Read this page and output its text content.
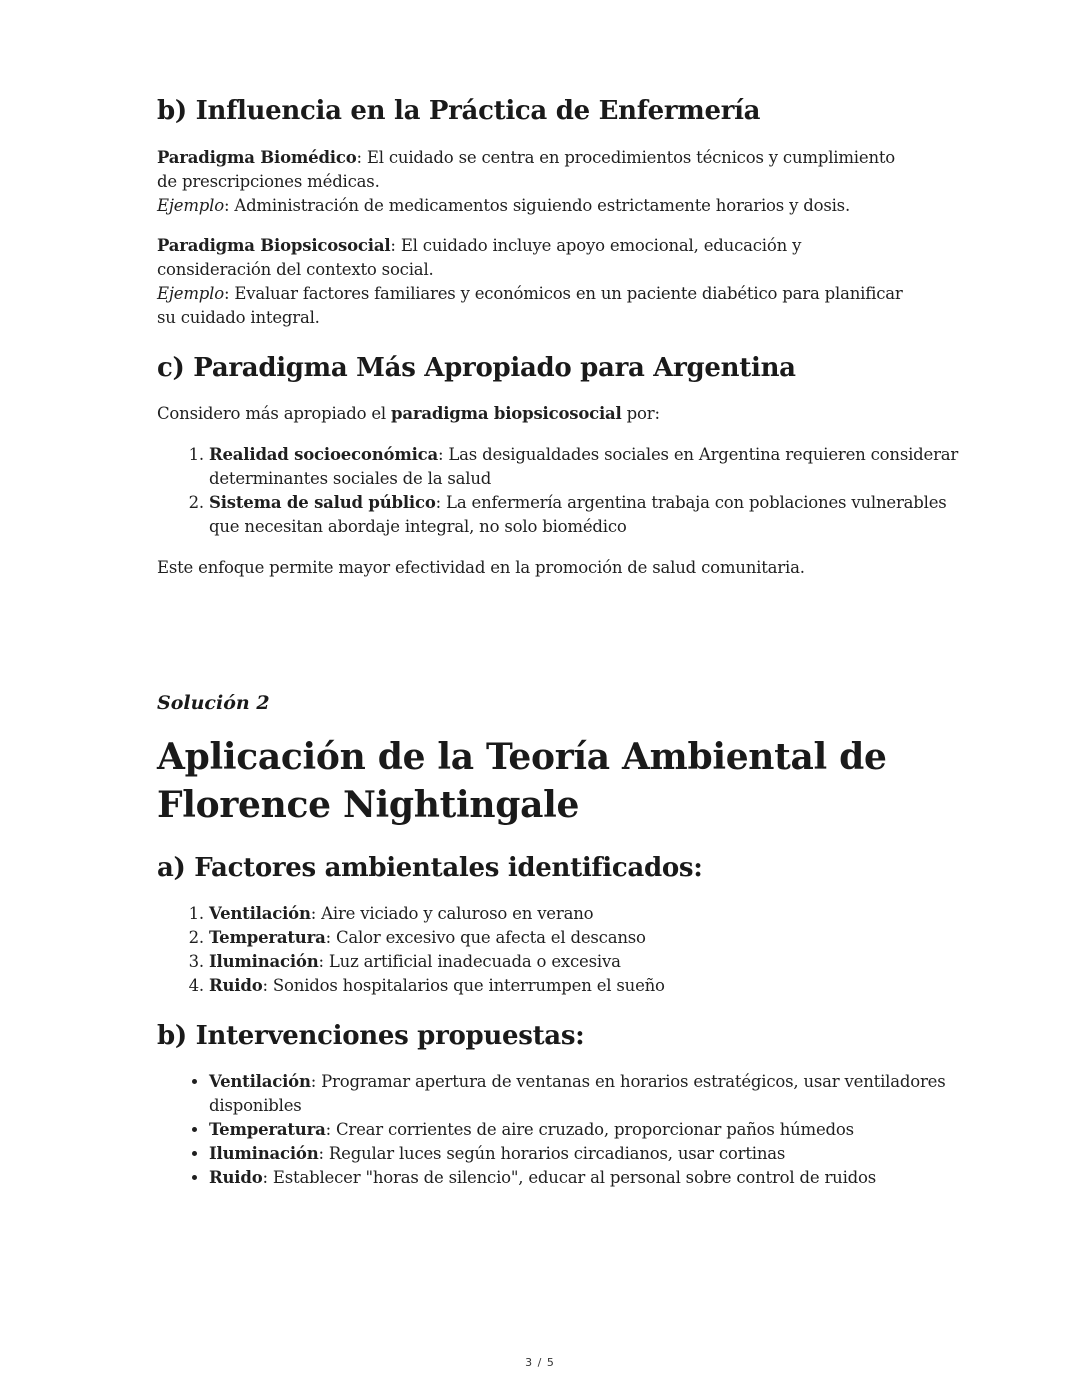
b) Influencia en la Práctica de Enfermería

Paradigma Biomédico: El cuidado se centra en procedimientos técnicos y cumplimiento de prescripciones médicas.
Ejemplo: Administración de medicamentos siguiendo estrictamente horarios y dosis.

Paradigma Biopsicosocial: El cuidado incluye apoyo emocional, educación y consideración del contexto social.
Ejemplo: Evaluar factores familiares y económicos en un paciente diabético para planificar su cuidado integral.

c) Paradigma Más Apropiado para Argentina

Considero más apropiado el paradigma biopsicosocial por:

1. Realidad socioeconómica: Las desigualdades sociales en Argentina requieren considerar determinantes sociales de la salud
2. Sistema de salud público: La enfermería argentina trabaja con poblaciones vulnerables que necesitan abordaje integral, no solo biomédico

Este enfoque permite mayor efectividad en la promoción de salud comunitaria.

Solución 2
Aplicación de la Teoría Ambiental de Florence Nightingale
a) Factores ambientales identificados:
1. Ventilación: Aire viciado y caluroso en verano
2. Temperatura: Calor excesivo que afecta el descanso
3. Iluminación: Luz artificial inadecuada o excesiva
4. Ruido: Sonidos hospitalarios que interrumpen el sueño
b) Intervenciones propuestas:
• Ventilación: Programar apertura de ventanas en horarios estratégicos, usar ventiladores disponibles
• Temperatura: Crear corrientes de aire cruzado, proporcionar paños húmedos
• Iluminación: Regular luces según horarios circadianos, usar cortinas
• Ruido: Establecer "horas de silencio", educar al personal sobre control de ruidos
3 / 5
